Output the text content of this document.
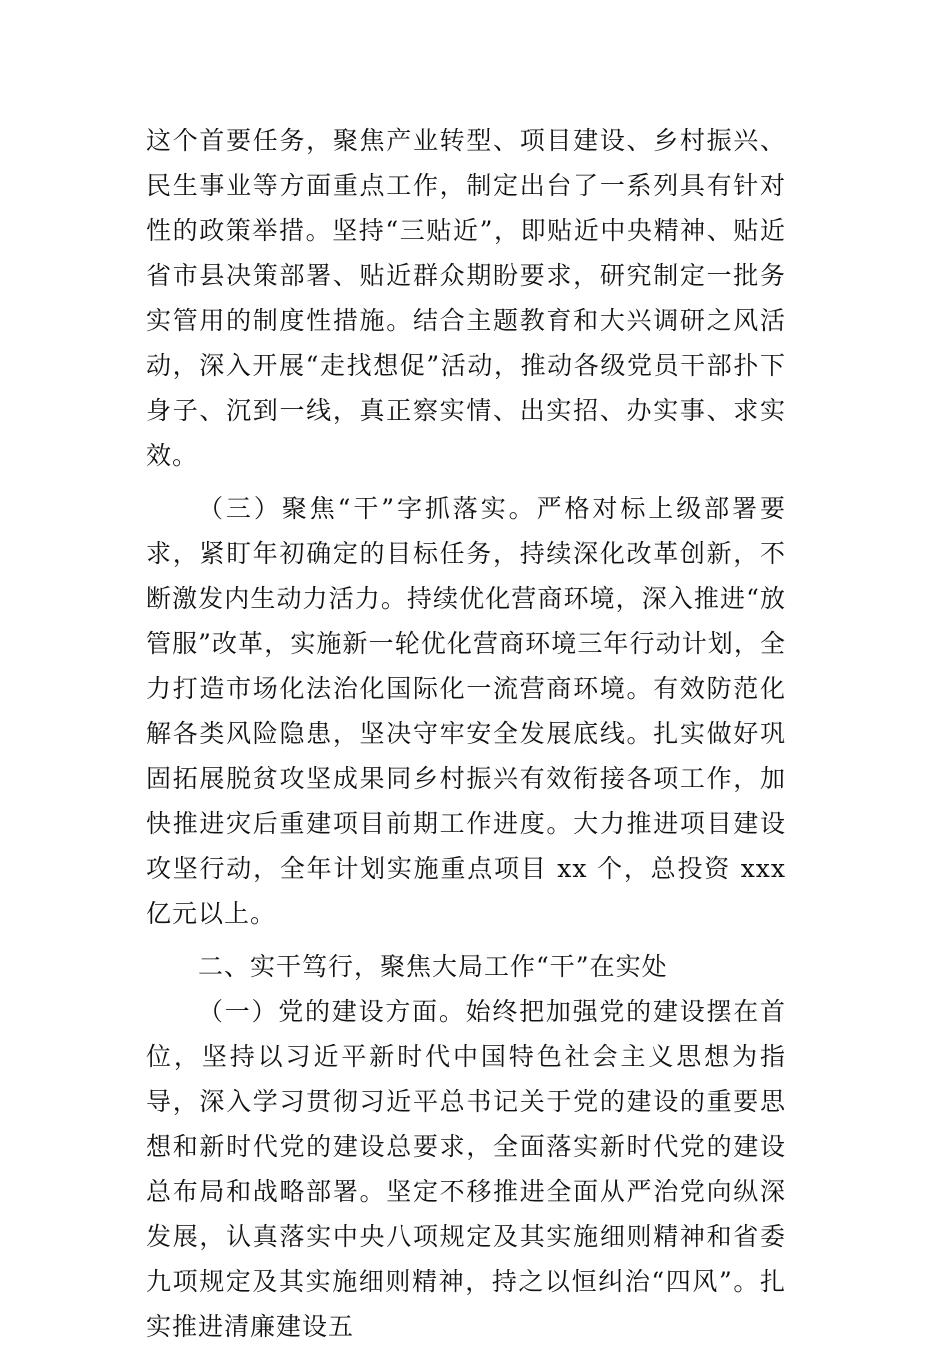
这个首要任务，聚焦产业转型、项目建设、乡村振兴、民生事业等方面重点工作，制定出台了一系列具有针对性的政策举措。坚持“三贴近”，即贴近中央精神、贴近省市县决策部署、贴近群众期盼要求，研究制定一批务实管用的制度性措施。结合主题教育和大兴调研之风活动，深入开展“走找想促”活动，推动各级党员干部扑下身子、沉到一线，真正察实情、出实招、办实事、求实效。

（三）聚焦“干”字抓落实。严格对标上级部署要求，紧盯年初确定的目标任务，持续深化改革创新，不断激发内生动力活力。持续优化营商环境，深入推进“放管服”改革，实施新一轮优化营商环境三年行动计划，全力打造市场化法治化国际化一流营商环境。有效防范化解各类风险隐患，坚决守牢安全发展底线。扎实做好巩固拓展脱贫攻坚成果同乡村振兴有效衔接各项工作，加快推进灾后重建项目前期工作进度。大力推进项目建设攻坚行动，全年计划实施重点项目 xx 个，总投资 xxx 亿元以上。

二、实干笃行，聚焦大局工作“干”在实处

（一）党的建设方面。始终把加强党的建设摆在首位，坚持以习近平新时代中国特色社会主义思想为指导，深入学习贯彻习近平总书记关于党的建设的重要思想和新时代党的建设总要求，全面落实新时代党的建设总布局和战略部署。坚定不移推进全面从严治党向纵深发展，认真落实中央八项规定及其实施细则精神和省委九项规定及其实施细则精神，持之以恒纠治“四风”。扎实推进清廉建设五
